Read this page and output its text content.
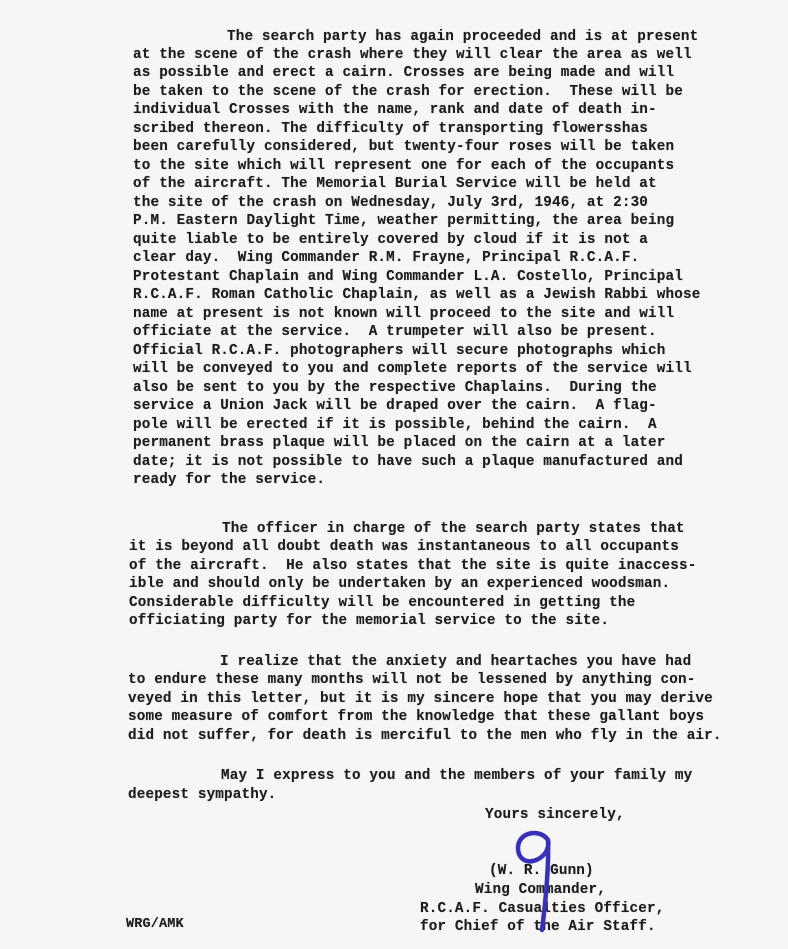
The search party has again proceeded and is at present
at the scene of the crash where they will clear the area as well
as possible and erect a cairn. Crosses are being made and will
be taken to the scene of the crash for erection.  These will be
individual Crosses with the name, rank and date of death in-
scribed thereon. The difficulty of transporting flowersshas
been carefully considered, but twenty-four roses will be taken
to the site which will represent one for each of the occupants
of the aircraft. The Memorial Burial Service will be held at
the site of the crash on Wednesday, July 3rd, 1946, at 2:30
P.M. Eastern Daylight Time, weather permitting, the area being
quite liable to be entirely covered by cloud if it is not a
clear day.  Wing Commander R.M. Frayne, Principal R.C.A.F.
Protestant Chaplain and Wing Commander L.A. Costello, Principal
R.C.A.F. Roman Catholic Chaplain, as well as a Jewish Rabbi whose
name at present is not known will proceed to the site and will
officiate at the service.  A trumpeter will also be present.
Official R.C.A.F. photographers will secure photographs which
will be conveyed to you and complete reports of the service will
also be sent to you by the respective Chaplains.  During the
service a Union Jack will be draped over the cairn.  A flag-
pole will be erected if it is possible, behind the cairn.  A
permanent brass plaque will be placed on the cairn at a later
date; it is not possible to have such a plaque manufactured and
ready for the service.
The officer in charge of the search party states that
it is beyond all doubt death was instantaneous to all occupants
of the aircraft.  He also states that the site is quite inaccess-
ible and should only be undertaken by an experienced woodsman.
Considerable difficulty will be encountered in getting the
officiating party for the memorial service to the site.
I realize that the anxiety and heartaches you have had
to endure these many months will not be lessened by anything con-
veyed in this letter, but it is my sincere hope that you may derive
some measure of comfort from the knowledge that these gallant boys
did not suffer, for death is merciful to the men who fly in the air.
May I express to you and the members of your family my
deepest sympathy.
Yours sincerely,
(W. R. Gunn)
Wing Commander,
R.C.A.F. Casualties Officer,
for Chief of the Air Staff.
WRG/AMK
